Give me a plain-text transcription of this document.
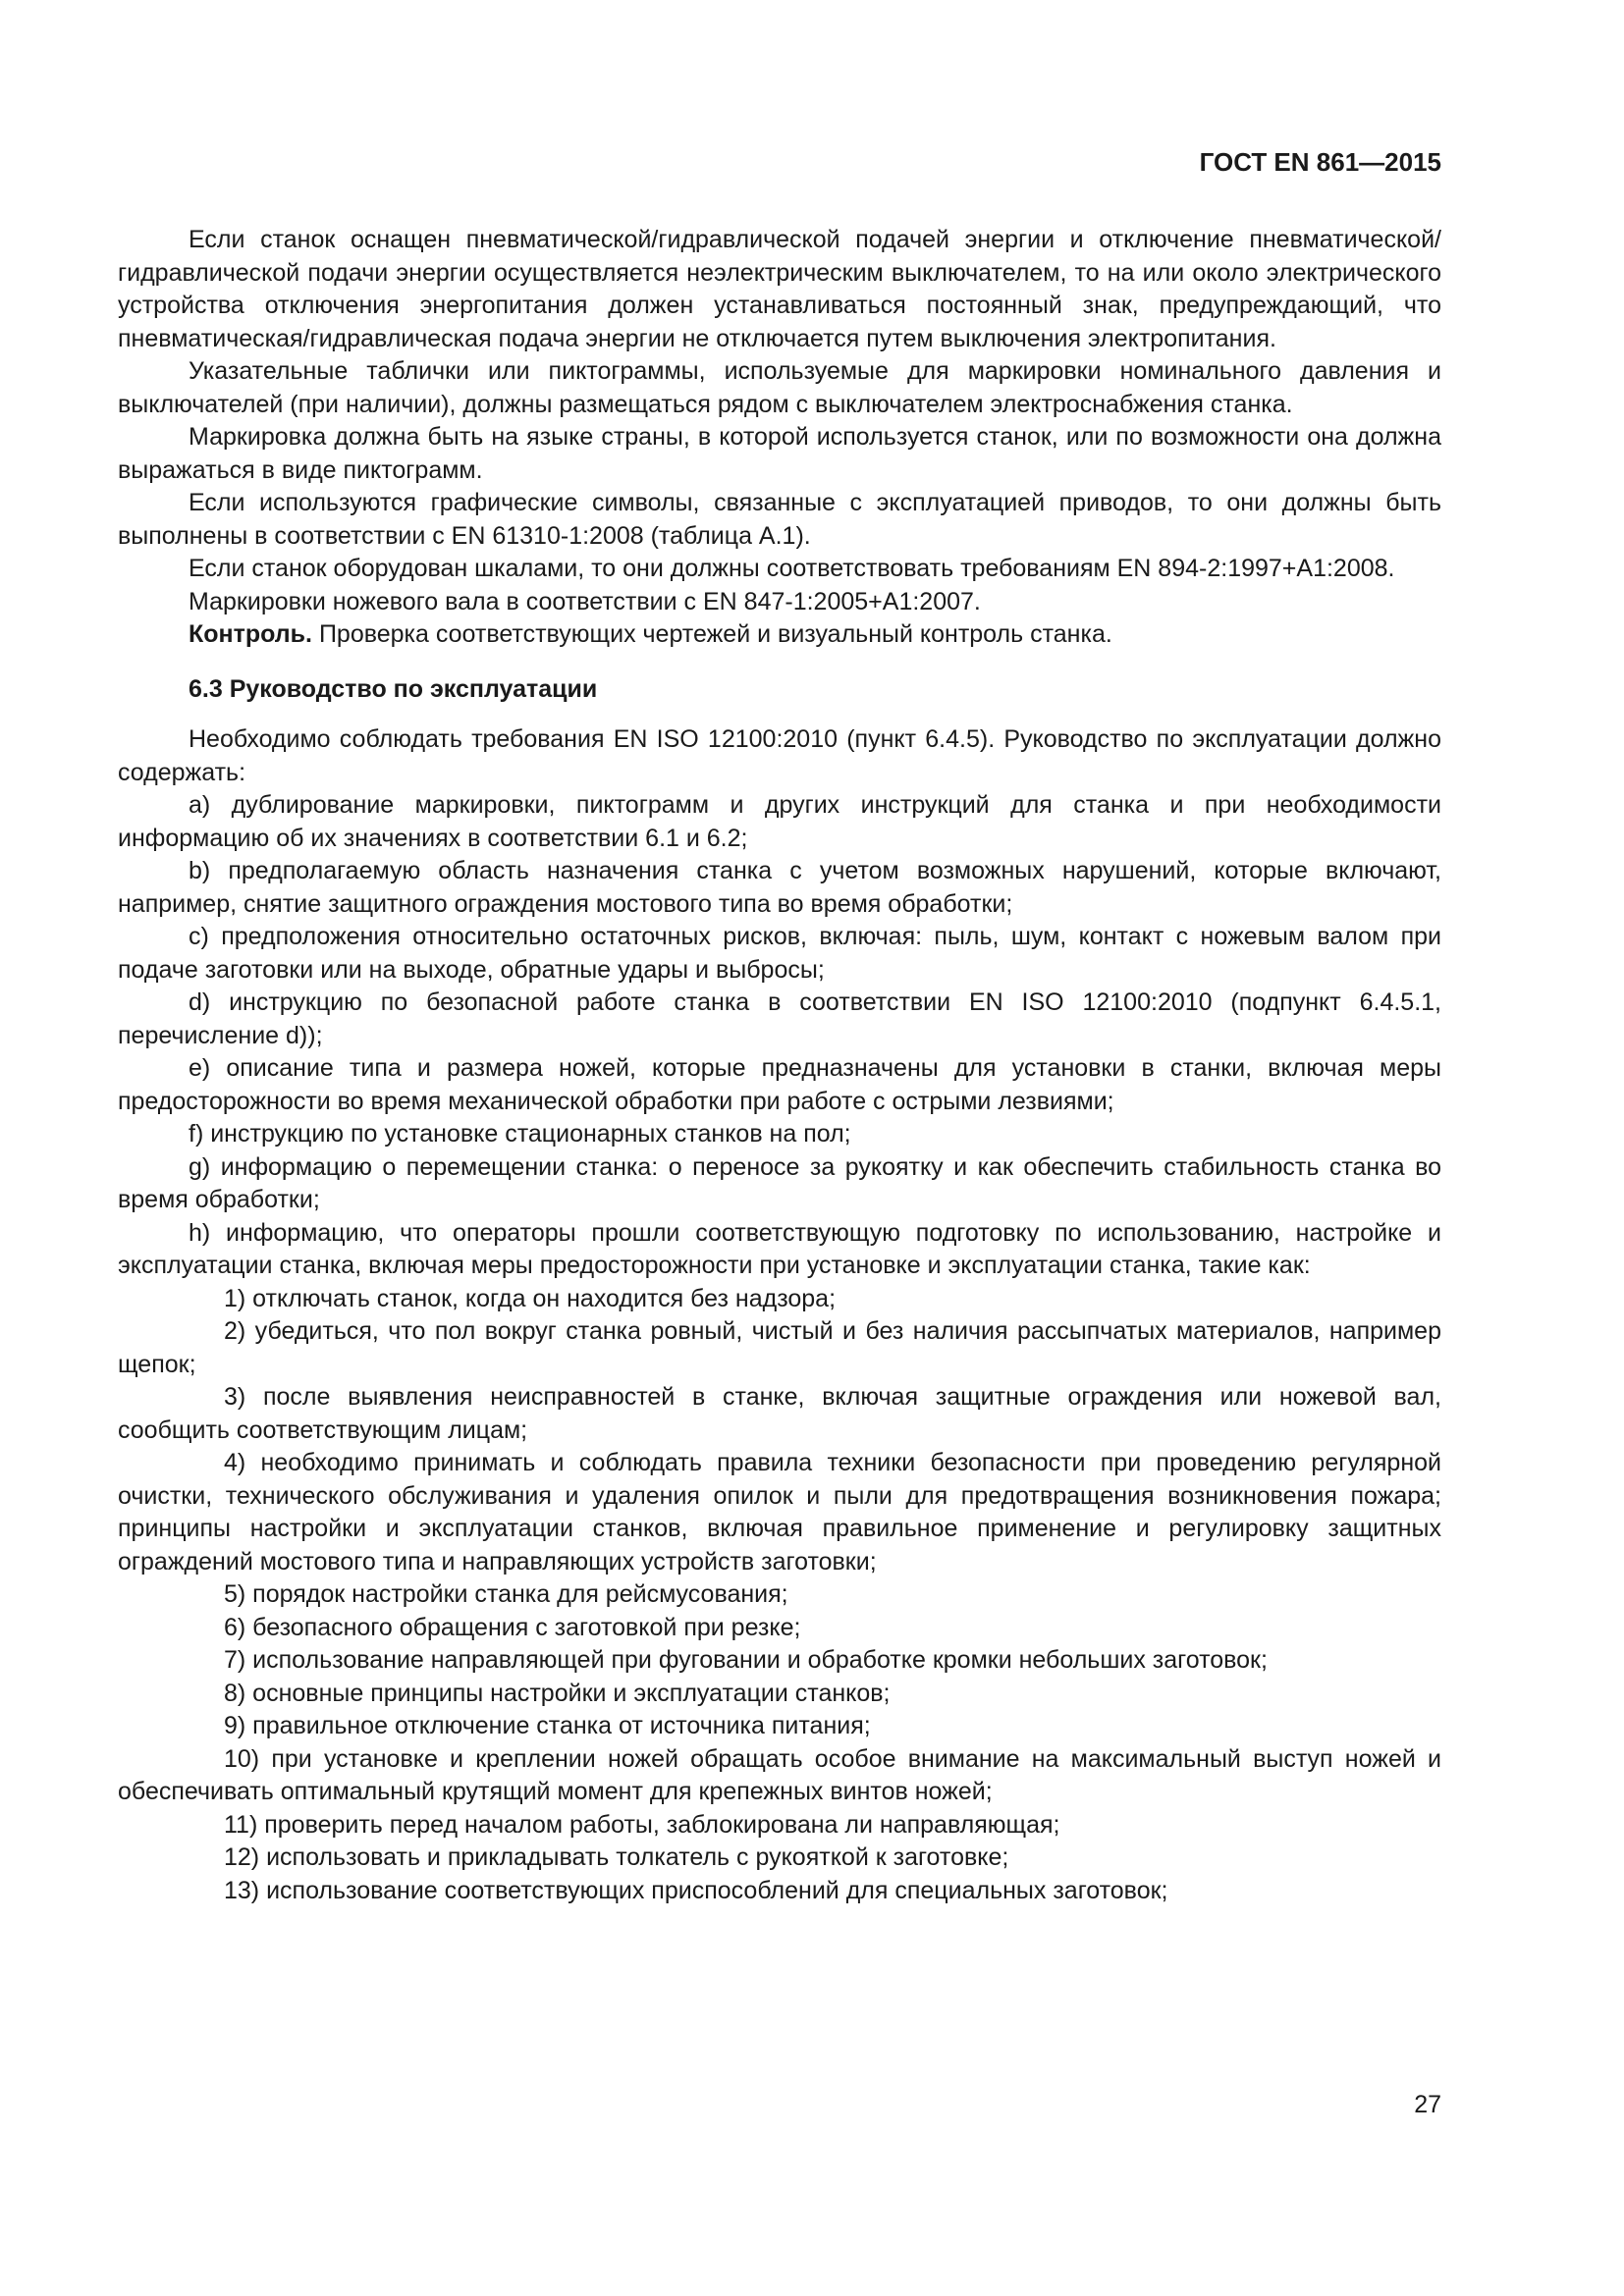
ГОСТ EN 861—2015

Если станок оснащен пневматической/гидравлической подачей энергии и отключение пневматической/гидравлической подачи энергии осуществляется неэлектрическим выключателем, то на или около электрического устройства отключения энергопитания должен устанавливаться постоянный знак, предупреждающий, что пневматическая/гидравлическая подача энергии не отключается путем выключения электропитания.

Указательные таблички или пиктограммы, используемые для маркировки номинального давления и выключателей (при наличии), должны размещаться рядом с выключателем электроснабжения станка.

Маркировка должна быть на языке страны, в которой используется станок, или по возможности она должна выражаться в виде пиктограмм.

Если используются графические символы, связанные с эксплуатацией приводов, то они должны быть выполнены в соответствии с EN 61310-1:2008 (таблица А.1).

Если станок оборудован шкалами, то они должны соответствовать требованиям EN 894-2:1997+А1:2008.

Маркировки ножевого вала в соответствии с EN 847-1:2005+А1:2007.

Контроль. Проверка соответствующих чертежей и визуальный контроль станка.

6.3 Руководство по эксплуатации

Необходимо соблюдать требования EN ISO 12100:2010 (пункт 6.4.5). Руководство по эксплуатации должно содержать:

a) дублирование маркировки, пиктограмм и других инструкций для станка и при необходимости информацию об их значениях в соответствии 6.1 и 6.2;

b) предполагаемую область назначения станка с учетом возможных нарушений, которые включают, например, снятие защитного ограждения мостового типа во время обработки;

c) предположения относительно остаточных рисков, включая: пыль, шум, контакт с ножевым валом при подаче заготовки или на выходе, обратные удары и выбросы;

d) инструкцию по безопасной работе станка в соответствии EN ISO 12100:2010 (подпункт 6.4.5.1, перечисление d));

e) описание типа и размера ножей, которые предназначены для установки в станки, включая меры предосторожности во время механической обработки при работе с острыми лезвиями;

f) инструкцию по установке стационарных станков на пол;

g) информацию о перемещении станка: о переносе за рукоятку и как обеспечить стабильность станка во время обработки;

h) информацию, что операторы прошли соответствующую подготовку по использованию, настройке и эксплуатации станка, включая меры предосторожности при установке и эксплуатации станка, такие как:

1) отключать станок, когда он находится без надзора;

2) убедиться, что пол вокруг станка ровный, чистый и без наличия рассыпчатых материалов, например щепок;

3) после выявления неисправностей в станке, включая защитные ограждения или ножевой вал, сообщить соответствующим лицам;

4) необходимо принимать и соблюдать правила техники безопасности при проведению регулярной очистки, технического обслуживания и удаления опилок и пыли для предотвращения возникновения пожара; принципы настройки и эксплуатации станков, включая правильное применение и регулировку защитных ограждений мостового типа и направляющих устройств заготовки;

5) порядок настройки станка для рейсмусования;

6) безопасного обращения с заготовкой при резке;

7) использование направляющей при фуговании и обработке кромки небольших заготовок;

8) основные принципы настройки и эксплуатации станков;

9) правильное отключение станка от источника питания;

10) при установке и креплении ножей обращать особое внимание на максимальный выступ ножей и обеспечивать оптимальный крутящий момент для крепежных винтов ножей;

11) проверить перед началом работы, заблокирована ли направляющая;

12) использовать и прикладывать толкатель с рукояткой к заготовке;

13) использование соответствующих приспособлений для специальных заготовок;

27
